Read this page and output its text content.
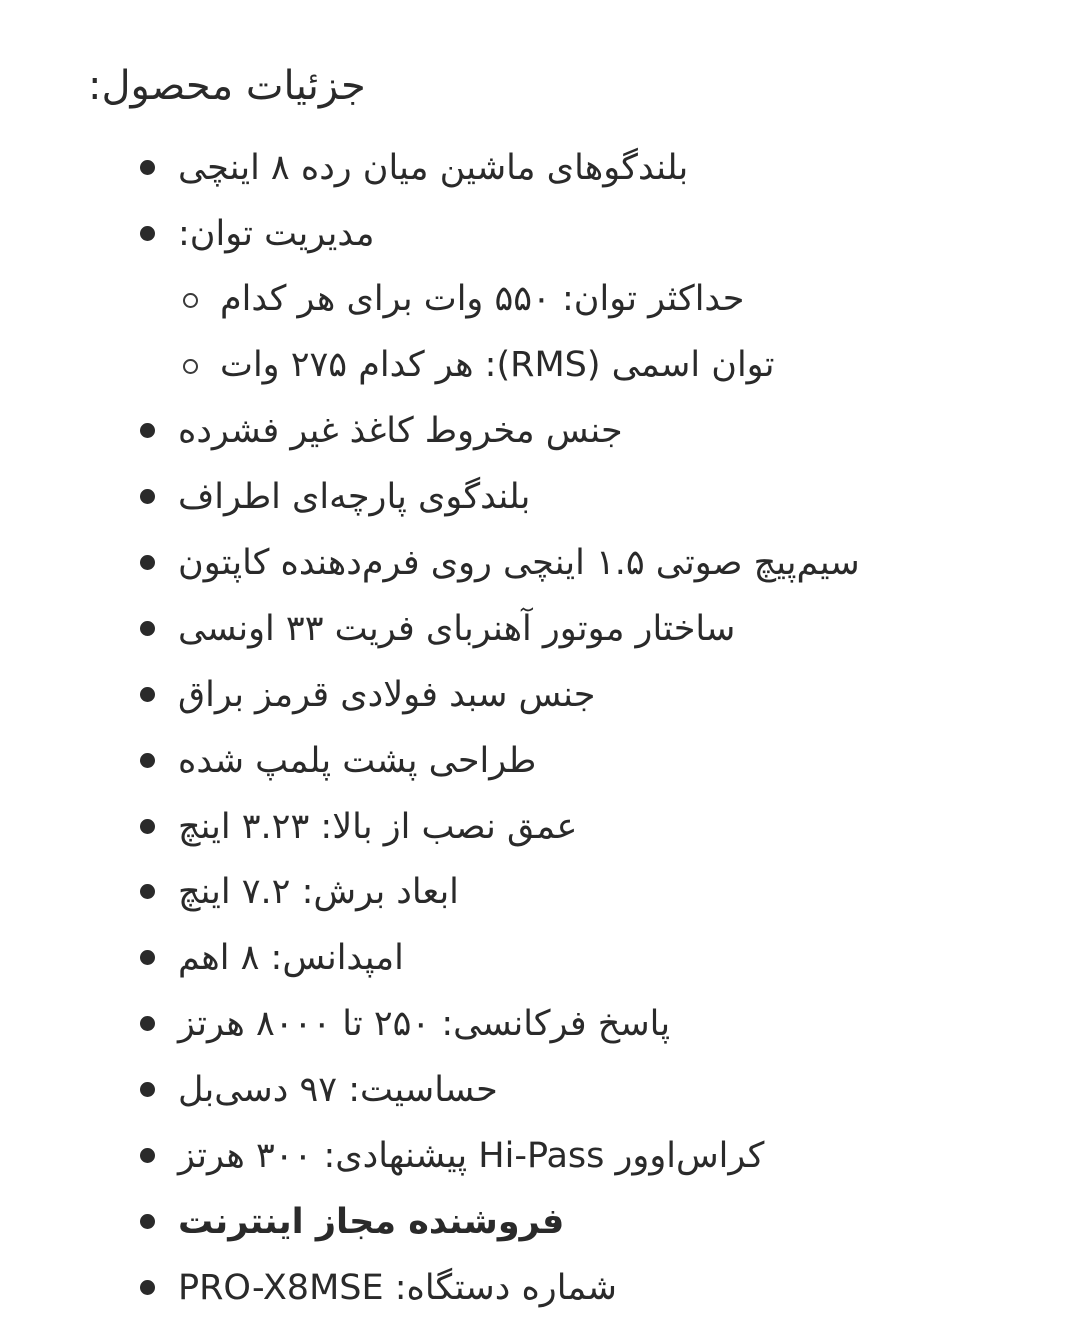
جزئیات محصول:
بلندگوهای ماشین میان رده ۸ اینچی
مدیریت توان:
حداکثر توان: ۵۵۰ وات برای هر کدام
توان اسمی (RMS): هر کدام ۲۷۵ وات
جنس مخروط کاغذ غیر فشرده
بلندگوی پارچه‌ای اطراف
سیم‌پیچ صوتی ۱.۵ اینچی روی فرم‌دهنده کاپتون
ساختار موتور آهنربای فریت ۳۳ اونسی
جنس سبد فولادی قرمز براق
طراحی پشت پلمپ شده
عمق نصب از بالا: ۳.۲۳ اینچ
ابعاد برش: ۷.۲ اینچ
امپدانس: ۸ اهم
پاسخ فرکانسی: ۲۵۰ تا ۸۰۰۰ هرتز
حساسیت: ۹۷ دسی‌بل
کراس‌اوور Hi-Pass پیشنهادی: ۳۰۰ هرتز
فروشنده مجاز اینترنت
شماره دستگاه: PRO-X8MSE
